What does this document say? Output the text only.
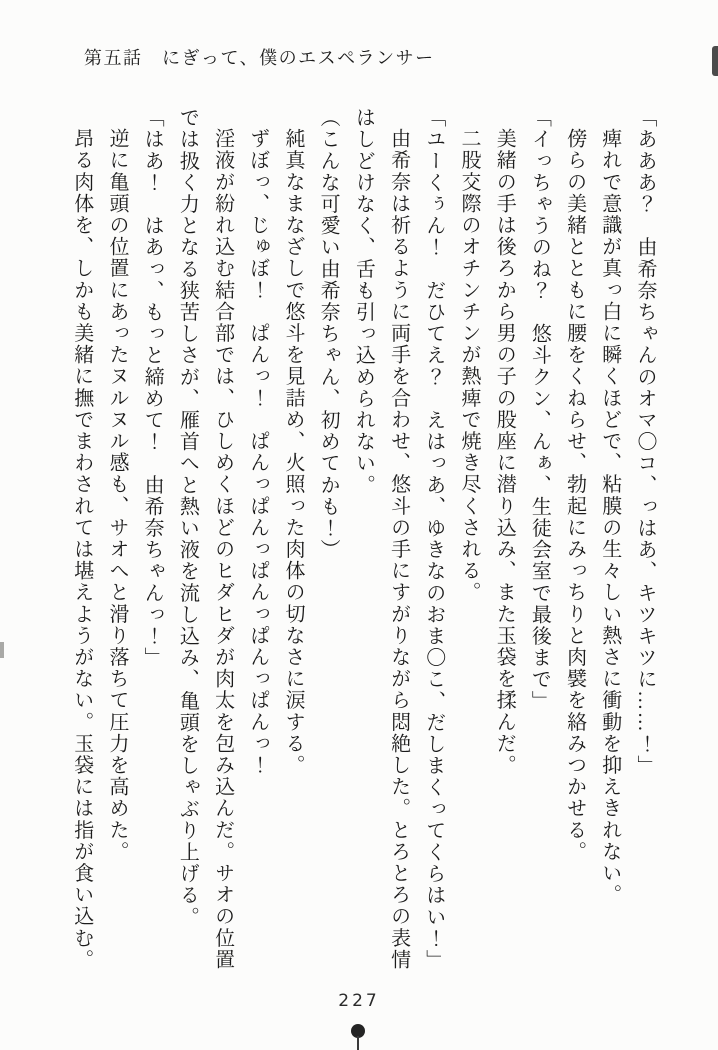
第五話　にぎって、僕のエスペランサー
「あああ？　由希奈ちゃんのオマ〇コ、っはあ、キツキツに……！」
痺れで意識が真っ白に瞬くほどで、粘膜の生々しい熱さに衝動を抑えきれない。
傍らの美緒とともに腰をくねらせ、勃起にみっちりと肉襞を絡みつかせる。
「イっちゃうのね？　悠斗クン、んぁ、生徒会室で最後まで」
美緒の手は後ろから男の子の股座に潜り込み、また玉袋を揉んだ。
二股交際のオチンチンが熱痺で焼き尽くされる。
「ユーくぅん！　だひてえ？　えはっあ、ゆきなのおま〇こ、だしまくってくらはい！」
由希奈は祈るように両手を合わせ、悠斗の手にすがりながら悶絶した。とろとろの表情
はしどけなく、舌も引っ込められない。
（こんな可愛い由希奈ちゃん、初めてかも！）
純真なまなざしで悠斗を見詰め、火照った肉体の切なさに涙する。
ずぼっ、じゅぼ！　ぱんっ！　ぱんっぱんっぱんっぱんっぱんっ！
淫液が紛れ込む結合部では、ひしめくほどのヒダヒダが肉太を包み込んだ。サオの位置
では扱く力となる狭苦しさが、雁首へと熱い液を流し込み、亀頭をしゃぶり上げる。
「はあ！　はあっ、もっと締めて！　由希奈ちゃんっ！」
逆に亀頭の位置にあったヌルヌル感も、サオへと滑り落ちて圧力を高めた。
昂る肉体を、しかも美緒に撫でまわされては堪えようがない。玉袋には指が食い込む。
227
